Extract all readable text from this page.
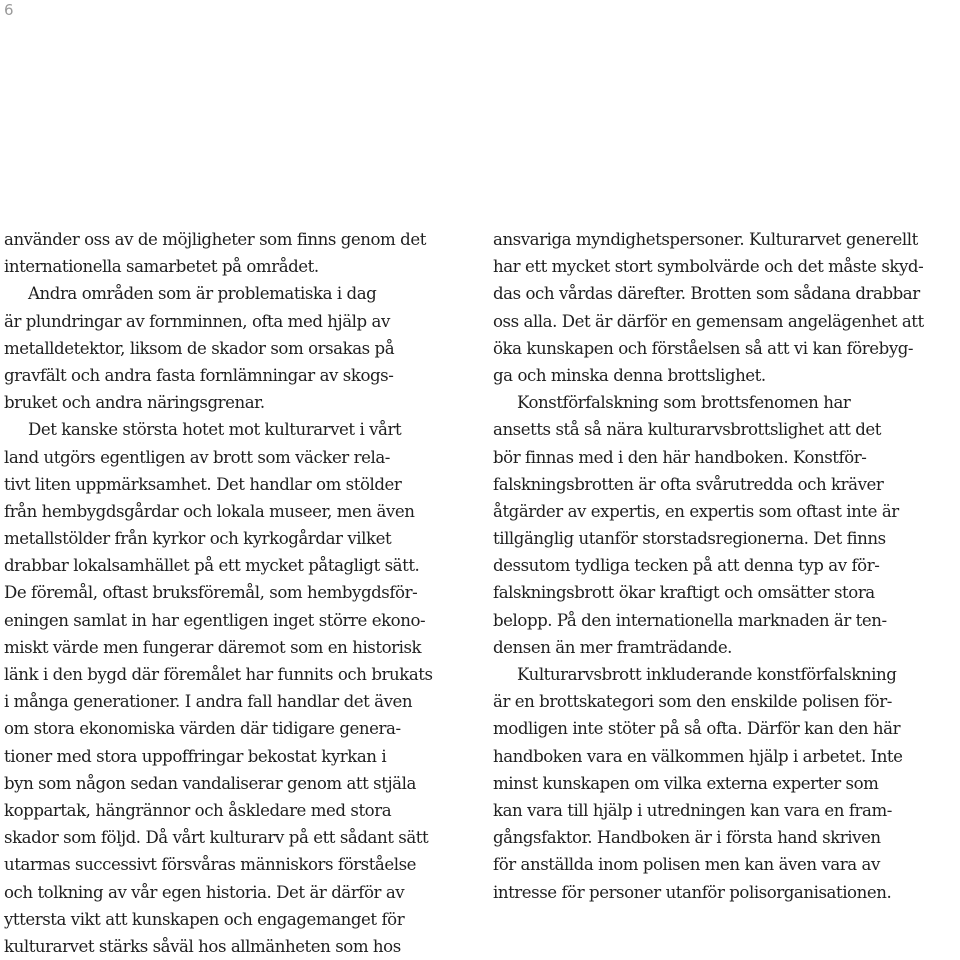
6
använder oss av de möjligheter som finns genom det
internationella samarbetet på området.
Andra områden som är problematiska i dag
är plundringar av fornminnen, ofta med hjälp av
metalldetektor, liksom de skador som orsakas på
gravfält och andra fasta fornlämningar av skogs-
bruket och andra näringsgrenar.
Det kanske största hotet mot kulturarvet i vårt
land utgörs egentligen av brott som väcker rela-
tivt liten uppmärksamhet. Det handlar om stölder
från hembygdsgårdar och lokala museer, men även
metallstölder från kyrkor och kyrkogårdar vilket
drabbar lokalsamhället på ett mycket påtagligt sätt.
De föremål, oftast bruksföremål, som hembygdsför-
eningen samlat in har egentligen inget större ekono-
miskt värde men fungerar däremot som en historisk
länk i den bygd där föremålet har funnits och brukats
i många generationer. I andra fall handlar det även
om stora ekonomiska värden där tidigare genera-
tioner med stora uppoffringar bekostat kyrkan i
byn som någon sedan vandaliserar genom att stjäla
koppartak, hängrännor och åskledare med stora
skador som följd. Då vårt kulturarv på ett sådant sätt
utarmas successivt försvåras människors förståelse
och tolkning av vår egen historia. Det är därför av
yttersta vikt att kunskapen och engagemanget för
kulturarvet stärks såväl hos allmänheten som hos
ansvariga myndighetspersoner. Kulturarvet generellt
har ett mycket stort symbolvärde och det måste skyd-
das och vårdas därefter. Brotten som sådana drabbar
oss alla. Det är därför en gemensam angelägenhet att
öka kunskapen och förståelsen så att vi kan förebyg-
ga och minska denna brottslighet.
Konstförfalskning som brottsfenomen har
ansetts stå så nära kulturarvsbrottslighet att det
bör finnas med i den här handboken. Konstför-
falskningsbrotten är ofta svårutredda och kräver
åtgärder av expertis, en expertis som oftast inte är
tillgänglig utanför storstadsregionerna. Det finns
dessutom tydliga tecken på att denna typ av för-
falskningsbrott ökar kraftigt och omsätter stora
belopp. På den internationella marknaden är ten-
densen än mer framträdande.
Kulturarvsbrott inkluderande konstförfalskning
är en brottskategori som den enskilde polisen för-
modligen inte stöter på så ofta. Därför kan den här
handboken vara en välkommen hjälp i arbetet. Inte
minst kunskapen om vilka externa experter som
kan vara till hjälp i utredningen kan vara en fram-
gångsfaktor. Handboken är i första hand skriven
för anställda inom polisen men kan även vara av
intresse för personer utanför polisorganisationen.
